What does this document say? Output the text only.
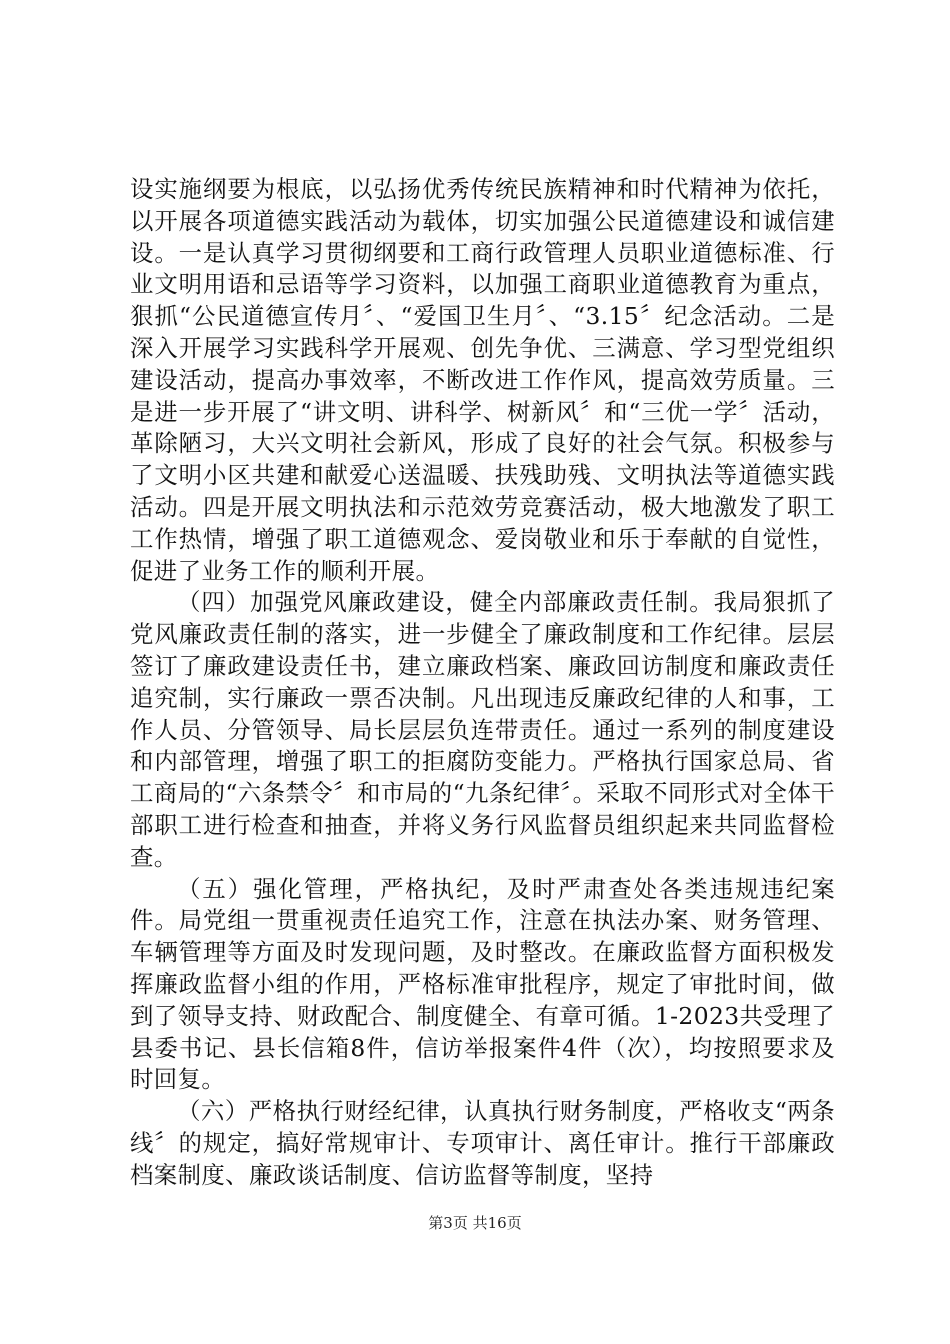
设实施纲要为根底，以弘扬优秀传统民族精神和时代精神为依托，以开展各项道德实践活动为载体，切实加强公民道德建设和诚信建设。一是认真学习贯彻纲要和工商行政管理人员职业道德标准、行业文明用语和忌语等学习资料，以加强工商职业道德教育为重点，狠抓“公民道德宣传月〞、“爱国卫生月〞、“3.15〞纪念活动。二是深入开展学习实践科学开展观、创先争优、三满意、学习型党组织建设活动，提高办事效率，不断改进工作作风，提高效劳质量。三是进一步开展了“讲文明、讲科学、树新风〞和“三优一学〞活动，革除陋习，大兴文明社会新风，形成了良好的社会气氛。积极参与了文明小区共建和献爱心送温暖、扶残助残、文明执法等道德实践活动。四是开展文明执法和示范效劳竞赛活动，极大地激发了职工工作热情，增强了职工道德观念、爱岗敬业和乐于奉献的自觉性，促进了业务工作的顺利开展。

（四）加强党风廉政建设，健全内部廉政责任制。我局狠抓了党风廉政责任制的落实，进一步健全了廉政制度和工作纪律。层层签订了廉政建设责任书，建立廉政档案、廉政回访制度和廉政责任追究制，实行廉政一票否决制。凡出现违反廉政纪律的人和事，工作人员、分管领导、局长层层负连带责任。通过一系列的制度建设和内部管理，增强了职工的拒腐防变能力。严格执行国家总局、省工商局的“六条禁令〞和市局的“九条纪律〞。采取不同形式对全体干部职工进行检查和抽查，并将义务行风监督员组织起来共同监督检查。

（五）强化管理，严格执纪，及时严肃查处各类违规违纪案件。局党组一贯重视责任追究工作，注意在执法办案、财务管理、车辆管理等方面及时发现问题，及时整改。在廉政监督方面积极发挥廉政监督小组的作用，严格标准审批程序，规定了审批时间，做到了领导支持、财政配合、制度健全、有章可循。1-2023共受理了县委书记、县长信箱8件，信访举报案件4件（次），均按照要求及时回复。

（六）严格执行财经纪律，认真执行财务制度，严格收支“两条线〞的规定，搞好常规审计、专项审计、离任审计。推行干部廉政档案制度、廉政谈话制度、信访监督等制度，坚持

第3页 共16页
